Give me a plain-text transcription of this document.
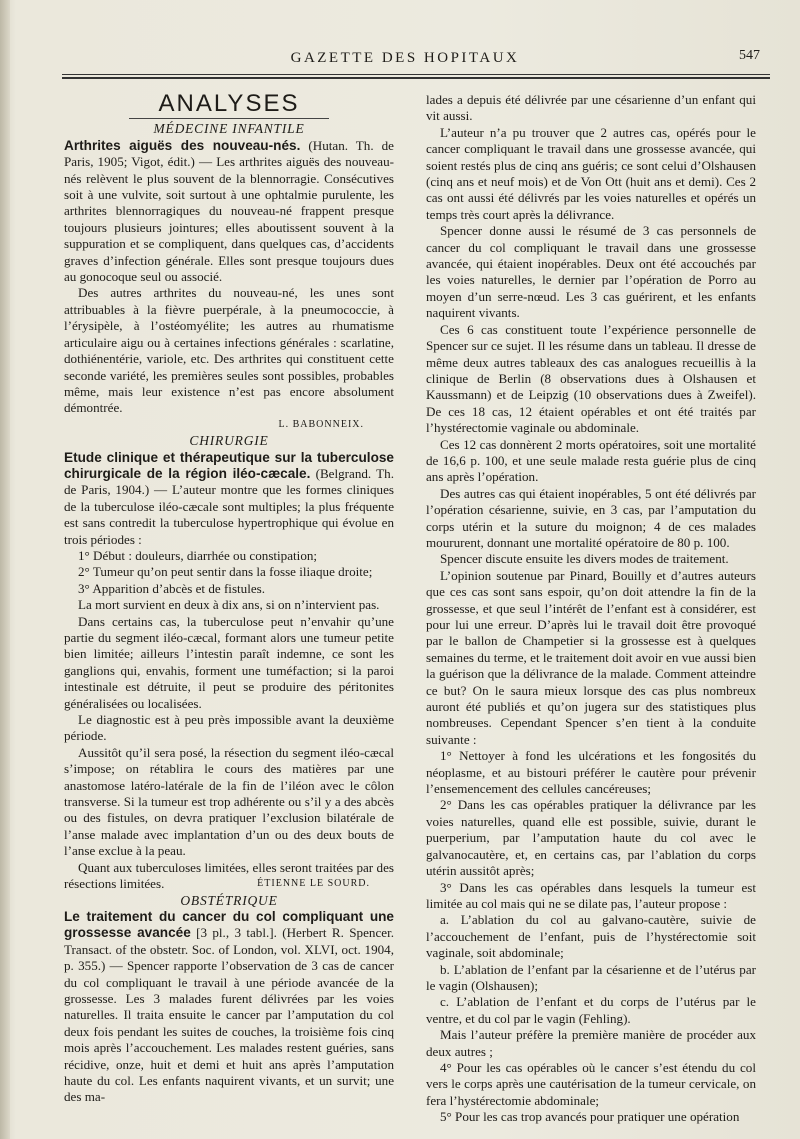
GAZETTE DES HOPITAUX	547
ANALYSES

MÉDECINE INFANTILE

Arthrites aiguës des nouveau-nés. (Hutan. Th. de Paris, 1905; Vigot, édit.) — Les arthrites aiguës des nouveau-nés relèvent le plus souvent de la blennorragie. Consécutives soit à une vulvite, soit surtout à une ophtalmie purulente, les arthrites blennorragiques du nouveau-né frappent presque toujours plusieurs jointures; elles aboutissent souvent à la suppuration et se compliquent, dans quelques cas, d’accidents graves d’infection générale. Elles sont presque toujours dues au gonocoque seul ou associé.

Des autres arthrites du nouveau-né, les unes sont attribuables à la fièvre puerpérale, à la pneumococcie, à l’érysipèle, à l’ostéomyélite; les autres au rhumatisme articulaire aigu ou à certaines infections générales : scarlatine, dothiénentérie, variole, etc. Des arthrites qui constituent cette seconde variété, les premières seules sont possibles, probables même, mais leur existence n’est pas encore absolument démontrée.

L. BABONNEIX.

CHIRURGIE

Etude clinique et thérapeutique sur la tuberculose chirurgicale de la région iléo-cæcale. (Belgrand. Th. de Paris, 1904.) — L’auteur montre que les formes cliniques de la tuberculose iléo-cæcale sont multiples; la plus fréquente est sans contredit la tuberculose hypertrophique qui évolue en trois périodes :

1° Début : douleurs, diarrhée ou constipation;

2° Tumeur qu’on peut sentir dans la fosse iliaque droite;

3° Apparition d’abcès et de fistules.

La mort survient en deux à dix ans, si on n’intervient pas.

Dans certains cas, la tuberculose peut n’envahir qu’une partie du segment iléo-cæcal, formant alors une tumeur petite bien limitée; ailleurs l’intestin paraît indemne, ce sont les ganglions qui, envahis, forment une tuméfaction; si la paroi intestinale est détruite, il peut se produire des péritonites généralisées ou localisées.

Le diagnostic est à peu près impossible avant la deuxième période.

Aussitôt qu’il sera posé, la résection du segment iléo-cæcal s’impose; on rétablira le cours des matières par une anastomose latéro-latérale de la fin de l’iléon avec le côlon transverse. Si la tumeur est trop adhérente ou s’il y a des abcès ou des fistules, on devra pratiquer l’exclusion bilatérale de l’anse malade avec implantation d’un ou des deux bouts de l’anse exclue à la peau.

Quant aux tuberculoses limitées, elles seront traitées par des résections limitées.	ÉTIENNE LE SOURD.

OBSTÉTRIQUE

Le traitement du cancer du col compliquant une grossesse avancée [3 pl., 3 tabl.]. (Herbert R. Spencer. Transact. of the obstetr. Soc. of London, vol. XLVI, oct. 1904, p. 355.) — Spencer rapporte l’observation de 3 cas de cancer du col compliquant le travail à une période avancée de la grossesse. Les 3 malades furent délivrées par les voies naturelles. Il traita ensuite le cancer par l’amputation du col deux fois pendant les suites de couches, la troisième fois cinq mois après l’accouchement. Les malades restent guéries, sans récidive, onze, huit et demi et huit ans après l’amputation haute du col. Les enfants naquirent vivants, et un survit; une des ma-

lades a depuis été délivrée par une césarienne d’un enfant qui vit aussi.

L’auteur n’a pu trouver que 2 autres cas, opérés pour le cancer compliquant le travail dans une grossesse avancée, qui soient restés plus de cinq ans guéris; ce sont celui d’Olshausen (cinq ans et neuf mois) et de Von Ott (huit ans et demi). Ces 2 cas ont aussi été délivrés par les voies naturelles et opérés un temps très court après la délivrance.

Spencer donne aussi le résumé de 3 cas personnels de cancer du col compliquant le travail dans une grossesse avancée, qui étaient inopérables. Deux ont été accouchés par les voies naturelles, le dernier par l’opération de Porro au moyen d’un serre-nœud. Les 3 cas guérirent, et les enfants naquirent vivants.

Ces 6 cas constituent toute l’expérience personnelle de Spencer sur ce sujet. Il les résume dans un tableau. Il dresse de même deux autres tableaux des cas analogues recueillis à la clinique de Berlin (8 observations dues à Olshausen et Kaussmann) et de Leipzig (10 observations dues à Zweifel). De ces 18 cas, 12 étaient opérables et ont été traités par l’hystérectomie vaginale ou abdominale.

Ces 12 cas donnèrent 2 morts opératoires, soit une mortalité de 16,6 p. 100, et une seule malade resta guérie plus de cinq ans après l’opération.

Des autres cas qui étaient inopérables, 5 ont été délivrés par l’opération césarienne, suivie, en 3 cas, par l’amputation du corps utérin et la suture du moignon; 4 de ces malades moururent, donnant une mortalité opératoire de 80 p. 100.

Spencer discute ensuite les divers modes de traitement.

L’opinion soutenue par Pinard, Bouilly et d’autres auteurs que ces cas sont sans espoir, qu’on doit attendre la fin de la grossesse, et que seul l’intérêt de l’enfant est à considérer, est pour lui une erreur. D’après lui le travail doit être provoqué par le ballon de Champetier si la grossesse est à quelques semaines du terme, et le traitement doit avoir en vue aussi bien la guérison que la délivrance de la malade. Comment atteindre ce but? On le saura mieux lorsque des cas plus nombreux auront été publiés et qu’on jugera sur des statistiques plus nombreuses. Cependant Spencer s’en tient à la conduite suivante :

1° Nettoyer à fond les ulcérations et les fongosités du néoplasme, et au bistouri préférer le cautère pour prévenir l’ensemencement des cellules cancéreuses;

2° Dans les cas opérables pratiquer la délivrance par les voies naturelles, quand elle est possible, suivie, durant le puerperium, par l’amputation haute du col avec le galvanocautère, et, en certains cas, par l’ablation du corps utérin aussitôt après;

3° Dans les cas opérables dans lesquels la tumeur est limitée au col mais qui ne se dilate pas, l’auteur propose :

a. L’ablation du col au galvano-cautère, suivie de l’accouchement de l’enfant, puis de l’hystérectomie soit vaginale, soit abdominale;

b. L’ablation de l’enfant par la césarienne et de l’utérus par le vagin (Olshausen);

c. L’ablation de l’enfant et du corps de l’utérus par le ventre, et du col par le vagin (Fehling).

Mais l’auteur préfère la première manière de procéder aux deux autres ;

4° Pour les cas opérables où le cancer s’est étendu du col vers le corps après une cautérisation de la tumeur cervicale, on fera l’hystérectomie abdominale;

5° Pour les cas trop avancés pour pratiquer une opération
